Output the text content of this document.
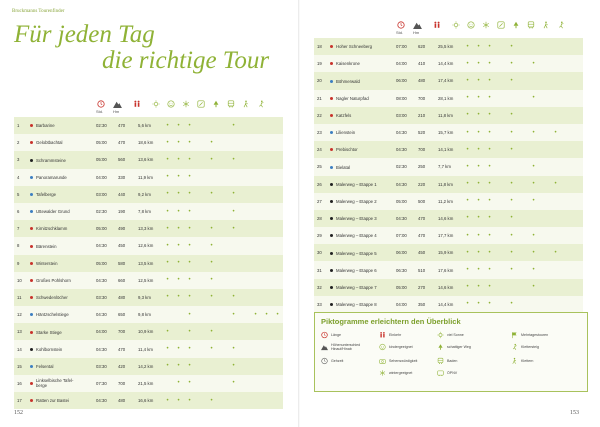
Bruckmanns Tourenfinder
Für jeden Tag
die richtige Tour
Std. Hm
1	Barbarine	02:30	470	5,6 km	•	•	•				•				
2	Gelobtbachtal	05:00	470	18,6 km	•	•	•		•						
3	Schrammsteine	05:00	560	13,6 km	•	•	•		•		•				
4	Panoramarunde	04:00	330	11,9 km	•	•	•								
5	Tafelberge	03:00	440	9,2 km	•	•	•		•		•				
6	Uttewalder Grund	02:30	190	7,8 km	•	•	•				•				
7	Kirnitzschklamm	05:00	490	13,3 km	•	•	•		•		•				
8	Bärenstein	04:30	450	12,6 km	•	•	•		•						
9	Winterstein	05:00	580	13,5 km	•	•	•		•						
10	Großes Pohlshorn	04:30	660	12,5 km	•	•	•		•						
11	Schwedenlöcher	03:30	480	9,3 km	•	•	•		•		•				
12	Häntzschelstiege	04:30	650	9,8 km			•				•		•	•	•
13	Starke Stiege	04:00	700	10,9 km	•		•		•						
14	Kohlbornstein	04:30	470	11,4 km	•	•	•		•		•				
15	Felsental	03:30	420	14,2 km	•	•	•				•				
16	Linkselbische Tafel-
berge	07:30	700	21,5 km		•	•				•				
17	Ratten zur Bastei	04:30	480	16,6 km	•	•	•		•						
152
Std. Hm
18	Hoher Schneeberg	07:00	620	25,5 km	•	•	•		•						
19	Kaisenkrone	04:00	410	14,4 km	•	•	•		•		•				
20	Böhmerwald	06:00	480	17,4 km	•	•	•		•						
21	Nagler Naturpfad	08:00	700	28,1 km	•	•	•				•				
22	Katzfels	03:00	210	11,8 km	•	•	•		•						
23	Lilienstein	04:30	520	15,7 km	•	•	•		•		•		•		
24	Prebischtor	04:30	700	14,1 km	•	•	•		•						
25	Bielatal	02:30	250	7,7 km	•	•	•				•				
26	Malerweg – Etappe 1	04:30	220	11,8 km	•	•	•		•		•		•		
27	Malerweg – Etappe 2	05:00	500	11,2 km	•	•	•		•		•				
28	Malerweg – Etappe 3	04:30	470	14,6 km	•	•	•		•						
29	Malerweg – Etappe 4	07:00	470	17,7 km	•	•	•		•		•				
30	Malerweg – Etappe 5	06:00	450	15,9 km	•	•	•		•		•		•		
31	Malerweg – Etappe 6	06:30	510	17,6 km	•	•	•		•		•				
32	Malerweg – Etappe 7	05:00	270	14,6 km	•	•	•				•				
33	Malerweg – Etappe 8	04:00	350	14,4 km	•	•	•		•						
Piktogramme erleichtern den Überblick
Länge
Höhenunterschied
Hinauf/Hinab
Gehzeit
Einkehr
kindergeeignet
Sehenswürdigkeit
wintergeeignet
viel Sonne
schattiger Weg
Baden
ÖPNV
Mehrtagestouren
Klettersteig
Klettern
153
